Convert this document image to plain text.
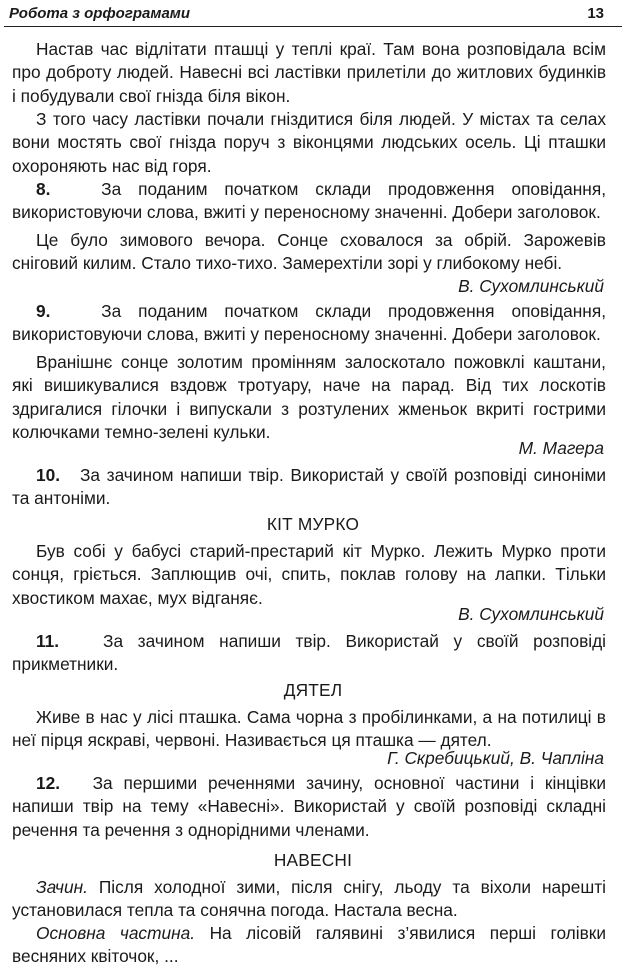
Робота з орфограмами	13
Настав час відлітати пташці у теплі краї. Там вона розповідала всім про доброту людей. Навесні всі ластівки прилетіли до житлових будинків і побудували свої гнізда біля вікон.
З того часу ластівки почали гніздитися біля людей. У містах та селах вони мостять свої гнізда поруч з віконцями людських осель. Ці пташки охороняють нас від горя.
8.	За поданим початком склади продовження оповідання, використовуючи слова, вжиті у переносному значенні. Добери заголовок.
Це було зимового вечора. Сонце сховалося за обрій. Зарожевів сніговий килим. Стало тихо-тихо. Замерехтіли зорі у глибокому небі.
В. Сухомлинський
9.	За поданим початком склади продовження оповідання, використовуючи слова, вжиті у переносному значенні. Добери заголовок.
Вранішнє сонце золотим промінням залоскотало пожовклі каштани, які вишикувалися вздовж тротуару, наче на парад. Від тих лоскотів здригалися гілочки і випускали з розтулених жменьок вкриті гострими колючками темно-зелені кульки.
М. Магера
10. За зачином напиши твір. Використай у своїй розповіді синоніми та антоніми.
КІТ МУРКО
Був собі у бабусі старий-престарий кіт Мурко. Лежить Мурко проти сонця, гріється. Заплющив очі, спить, поклав голову на лапки. Тільки хвостиком махає, мух відганяє.
В. Сухомлинський
11.	За зачином напиши твір. Використай у своїй розповіді прикметники.
ДЯТЕЛ
Живе в нас у лісі пташка. Сама чорна з пробілинками, а на потилиці в неї пірця яскраві, червоні. Називається ця пташка — дятел.
Г. Скребицький, В. Чапліна
12. За першими реченнями зачину, основної частини і кінцівки напиши твір на тему «Навесні». Використай у своїй розповіді складні речення та речення з однорідними членами.
НАВЕСНІ
Зачин. Після холодної зими, після снігу, льоду та віхоли нарешті установилася тепла та сонячна погода. Настала весна.
Основна частина. На лісовій галявині з’явилися перші голівки весняних квіточок, ...
